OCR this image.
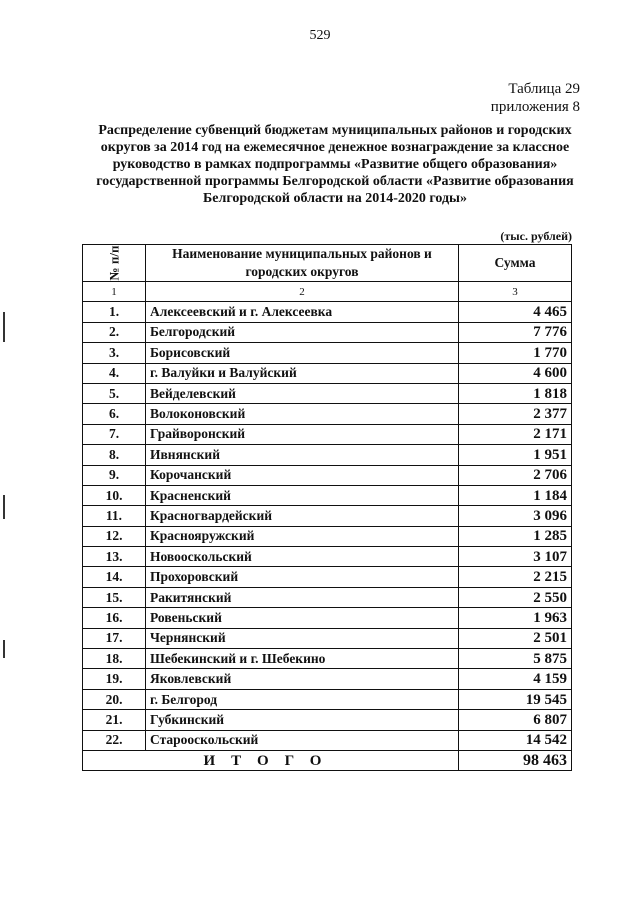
529
Таблица 29
приложения 8
Распределение субвенций бюджетам муниципальных районов и городских округов за 2014 год на ежемесячное денежное вознаграждение за классное руководство в рамках подпрограммы «Развитие общего образования» государственной программы Белгородской области «Развитие образования Белгородской области на 2014-2020 годы»
(тыс. рублей)
№ п/п	Наименование муниципальных районов и городских округов	Сумма
1	2	3
1.	Алексеевский и г. Алексеевка	4 465
2.	Белгородский	7 776
3.	Борисовский	1 770
4.	г. Валуйки и Валуйский	4 600
5.	Вейделевский	1 818
6.	Волоконовский	2 377
7.	Грайворонский	2 171
8.	Ивнянский	1 951
9.	Корочанский	2 706
10.	Красненский	1 184
11.	Красногвардейский	3 096
12.	Краснояружский	1 285
13.	Новооскольский	3 107
14.	Прохоровский	2 215
15.	Ракитянский	2 550
16.	Ровеньский	1 963
17.	Чернянский	2 501
18.	Шебекинский и г. Шебекино	5 875
19.	Яковлевский	4 159
20.	г. Белгород	19 545
21.	Губкинский	6 807
22.	Старооскольский	14 542
ИТОГО		98 463
